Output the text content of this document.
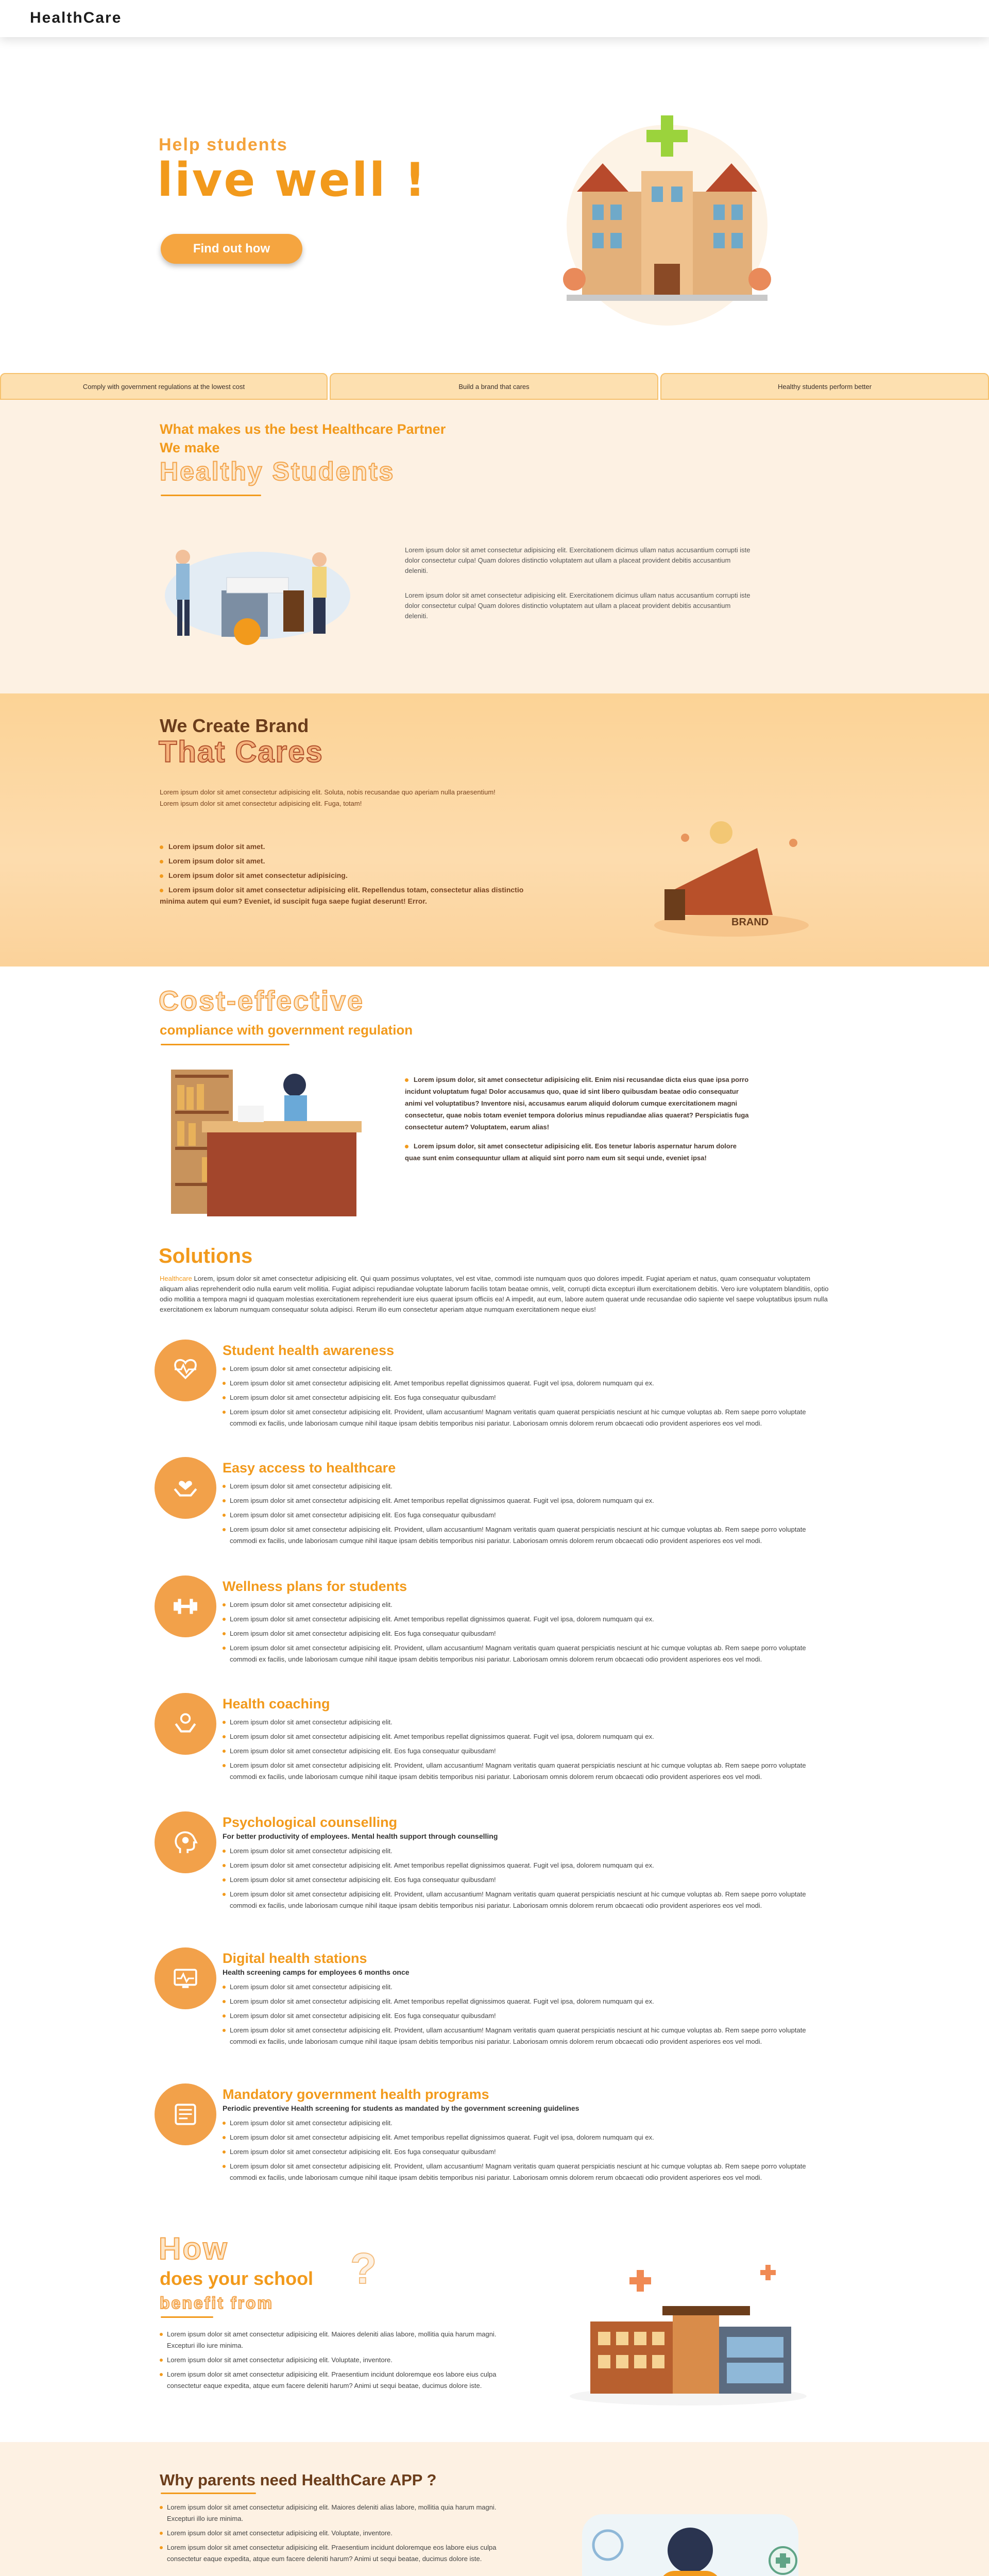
HealthCare
Help students
live well !
Find out how
Comply with government regulations at the lowest cost	Build a brand that cares	Healthy students perform better
What makes us the best Healthcare Partner
We make
Healthy Students

Lorem ipsum dolor sit amet consectetur adipisicing elit. Exercitationem dicimus ullam natus accusantium corrupti iste dolor consectetur culpa! Quam dolores distinctio voluptatem aut ullam a placeat provident debitis accusantium deleniti.

Lorem ipsum dolor sit amet consectetur adipisicing elit. Exercitationem dicimus ullam natus accusantium corrupti iste dolor consectetur culpa! Quam dolores distinctio voluptatem aut ullam a placeat provident debitis accusantium deleniti.

We Create Brand
That Cares

Lorem ipsum dolor sit amet consectetur adipisicing elit. Soluta, nobis recusandae quo aperiam nulla praesentium!

Lorem ipsum dolor sit amet consectetur adipisicing elit. Fuga, totam!

Lorem ipsum dolor sit amet.
Lorem ipsum dolor sit amet.
Lorem ipsum dolor sit amet consectetur adipisicing.
Lorem ipsum dolor sit amet consectetur adipisicing elit. Repellendus totam, consectetur alias distinctio minima autem qui eum? Eveniet, id suscipit fuga saepe fugiat deserunt! Error.
BRAND
Cost-effective
compliance with government regulation
Lorem ipsum dolor, sit amet consectetur adipisicing elit. Enim nisi recusandae dicta eius quae ipsa porro incidunt voluptatum fuga! Dolor accusamus quo, quae id sint libero quibusdam beatae odio consequatur animi vel voluptatibus? Inventore nisi, accusamus earum aliquid dolorum cumque exercitationem magni consectetur, quae nobis totam eveniet tempora dolorius minus repudiandae alias quaerat? Perspiciatis fuga consectetur autem? Voluptatem, earum alias!
Lorem ipsum dolor, sit amet consectetur adipisicing elit. Eos tenetur laboris aspernatur harum dolore quae sunt enim consequuntur ullam at aliquid sint porro nam eum sit sequi unde, eveniet ipsa!
Solutions

Healthcare Lorem, ipsum dolor sit amet consectetur adipisicing elit. Qui quam possimus voluptates, vel est vitae, commodi iste numquam quos quo dolores impedit. Fugiat aperiam et natus, quam consequatur voluptatem aliquam alias reprehenderit odio nulla earum velit mollitia. Fugiat adipisci repudiandae voluptate laborum facilis totam beatae omnis, velit, corrupti dicta excepturi illum exercitationem debitis. Vero iure voluptatem blanditiis, optio odio mollitia a tempora magni id quaquam molestias exercitationem reprehenderit iure eius quaerat ipsum officiis ea! A impedit, aut eum, labore autem quaerat unde recusandae odio sapiente vel saepe voluptatibus ipsum nulla exercitationem ex laborum numquam consequatur soluta adipisci. Rerum illo eum consectetur aperiam atque numquam exercitationem neque eius!

Student health awareness
Lorem ipsum dolor sit amet consectetur adipisicing elit.
Lorem ipsum dolor sit amet consectetur adipisicing elit. Amet temporibus repellat dignissimos quaerat. Fugit vel ipsa, dolorem numquam qui ex.
Lorem ipsum dolor sit amet consectetur adipisicing elit. Eos fuga consequatur quibusdam!
Lorem ipsum dolor sit amet consectetur adipisicing elit. Provident, ullam accusantium! Magnam veritatis quam quaerat perspiciatis nesciunt at hic cumque voluptas ab. Rem saepe porro voluptate commodi ex facilis, unde laboriosam cumque nihil itaque ipsam debitis temporibus nisi pariatur. Laboriosam omnis dolorem rerum obcaecati odio provident asperiores eos vel modi.
Easy access to healthcare
Lorem ipsum dolor sit amet consectetur adipisicing elit.
Lorem ipsum dolor sit amet consectetur adipisicing elit. Amet temporibus repellat dignissimos quaerat. Fugit vel ipsa, dolorem numquam qui ex.
Lorem ipsum dolor sit amet consectetur adipisicing elit. Eos fuga consequatur quibusdam!
Lorem ipsum dolor sit amet consectetur adipisicing elit. Provident, ullam accusantium! Magnam veritatis quam quaerat perspiciatis nesciunt at hic cumque voluptas ab. Rem saepe porro voluptate commodi ex facilis, unde laboriosam cumque nihil itaque ipsam debitis temporibus nisi pariatur. Laboriosam omnis dolorem rerum obcaecati odio provident asperiores eos vel modi.
Wellness plans for students
Lorem ipsum dolor sit amet consectetur adipisicing elit.
Lorem ipsum dolor sit amet consectetur adipisicing elit. Amet temporibus repellat dignissimos quaerat. Fugit vel ipsa, dolorem numquam qui ex.
Lorem ipsum dolor sit amet consectetur adipisicing elit. Eos fuga consequatur quibusdam!
Lorem ipsum dolor sit amet consectetur adipisicing elit. Provident, ullam accusantium! Magnam veritatis quam quaerat perspiciatis nesciunt at hic cumque voluptas ab. Rem saepe porro voluptate commodi ex facilis, unde laboriosam cumque nihil itaque ipsam debitis temporibus nisi pariatur. Laboriosam omnis dolorem rerum obcaecati odio provident asperiores eos vel modi.
Health coaching
Lorem ipsum dolor sit amet consectetur adipisicing elit.
Lorem ipsum dolor sit amet consectetur adipisicing elit. Amet temporibus repellat dignissimos quaerat. Fugit vel ipsa, dolorem numquam qui ex.
Lorem ipsum dolor sit amet consectetur adipisicing elit. Eos fuga consequatur quibusdam!
Lorem ipsum dolor sit amet consectetur adipisicing elit. Provident, ullam accusantium! Magnam veritatis quam quaerat perspiciatis nesciunt at hic cumque voluptas ab. Rem saepe porro voluptate commodi ex facilis, unde laboriosam cumque nihil itaque ipsam debitis temporibus nisi pariatur. Laboriosam omnis dolorem rerum obcaecati odio provident asperiores eos vel modi.
Psychological counselling
For better productivity of employees. Mental health support through counselling
Lorem ipsum dolor sit amet consectetur adipisicing elit.
Lorem ipsum dolor sit amet consectetur adipisicing elit. Amet temporibus repellat dignissimos quaerat. Fugit vel ipsa, dolorem numquam qui ex.
Lorem ipsum dolor sit amet consectetur adipisicing elit. Eos fuga consequatur quibusdam!
Lorem ipsum dolor sit amet consectetur adipisicing elit. Provident, ullam accusantium! Magnam veritatis quam quaerat perspiciatis nesciunt at hic cumque voluptas ab. Rem saepe porro voluptate commodi ex facilis, unde laboriosam cumque nihil itaque ipsam debitis temporibus nisi pariatur. Laboriosam omnis dolorem rerum obcaecati odio provident asperiores eos vel modi.
Digital health stations
Health screening camps for employees 6 months once
Lorem ipsum dolor sit amet consectetur adipisicing elit.
Lorem ipsum dolor sit amet consectetur adipisicing elit. Amet temporibus repellat dignissimos quaerat. Fugit vel ipsa, dolorem numquam qui ex.
Lorem ipsum dolor sit amet consectetur adipisicing elit. Eos fuga consequatur quibusdam!
Lorem ipsum dolor sit amet consectetur adipisicing elit. Provident, ullam accusantium! Magnam veritatis quam quaerat perspiciatis nesciunt at hic cumque voluptas ab. Rem saepe porro voluptate commodi ex facilis, unde laboriosam cumque nihil itaque ipsam debitis temporibus nisi pariatur. Laboriosam omnis dolorem rerum obcaecati odio provident asperiores eos vel modi.
Mandatory government health programs
Periodic preventive Health screening for students as mandated by the government screening guidelines
Lorem ipsum dolor sit amet consectetur adipisicing elit.
Lorem ipsum dolor sit amet consectetur adipisicing elit. Amet temporibus repellat dignissimos quaerat. Fugit vel ipsa, dolorem numquam qui ex.
Lorem ipsum dolor sit amet consectetur adipisicing elit. Eos fuga consequatur quibusdam!
Lorem ipsum dolor sit amet consectetur adipisicing elit. Provident, ullam accusantium! Magnam veritatis quam quaerat perspiciatis nesciunt at hic cumque voluptas ab. Rem saepe porro voluptate commodi ex facilis, unde laboriosam cumque nihil itaque ipsam debitis temporibus nisi pariatur. Laboriosam omnis dolorem rerum obcaecati odio provident asperiores eos vel modi.
How	?
does your school
benefit from
Lorem ipsum dolor sit amet consectetur adipisicing elit. Maiores deleniti alias labore, mollitia quia harum magni. Excepturi illo iure minima.
Lorem ipsum dolor sit amet consectetur adipisicing elit. Voluptate, inventore.
Lorem ipsum dolor sit amet consectetur adipisicing elit. Praesentium incidunt doloremque eos labore eius culpa consectetur eaque expedita, atque eum facere deleniti harum? Animi ut sequi beatae, ducimus dolore iste.
Why parents need HealthCare APP ?
Lorem ipsum dolor sit amet consectetur adipisicing elit. Maiores deleniti alias labore, mollitia quia harum magni. Excepturi illo iure minima.
Lorem ipsum dolor sit amet consectetur adipisicing elit. Voluptate, inventore.
Lorem ipsum dolor sit amet consectetur adipisicing elit. Praesentium incidunt doloremque eos labore eius culpa consectetur eaque expedita, atque eum facere deleniti harum? Animi ut sequi beatae, ducimus dolore iste.
